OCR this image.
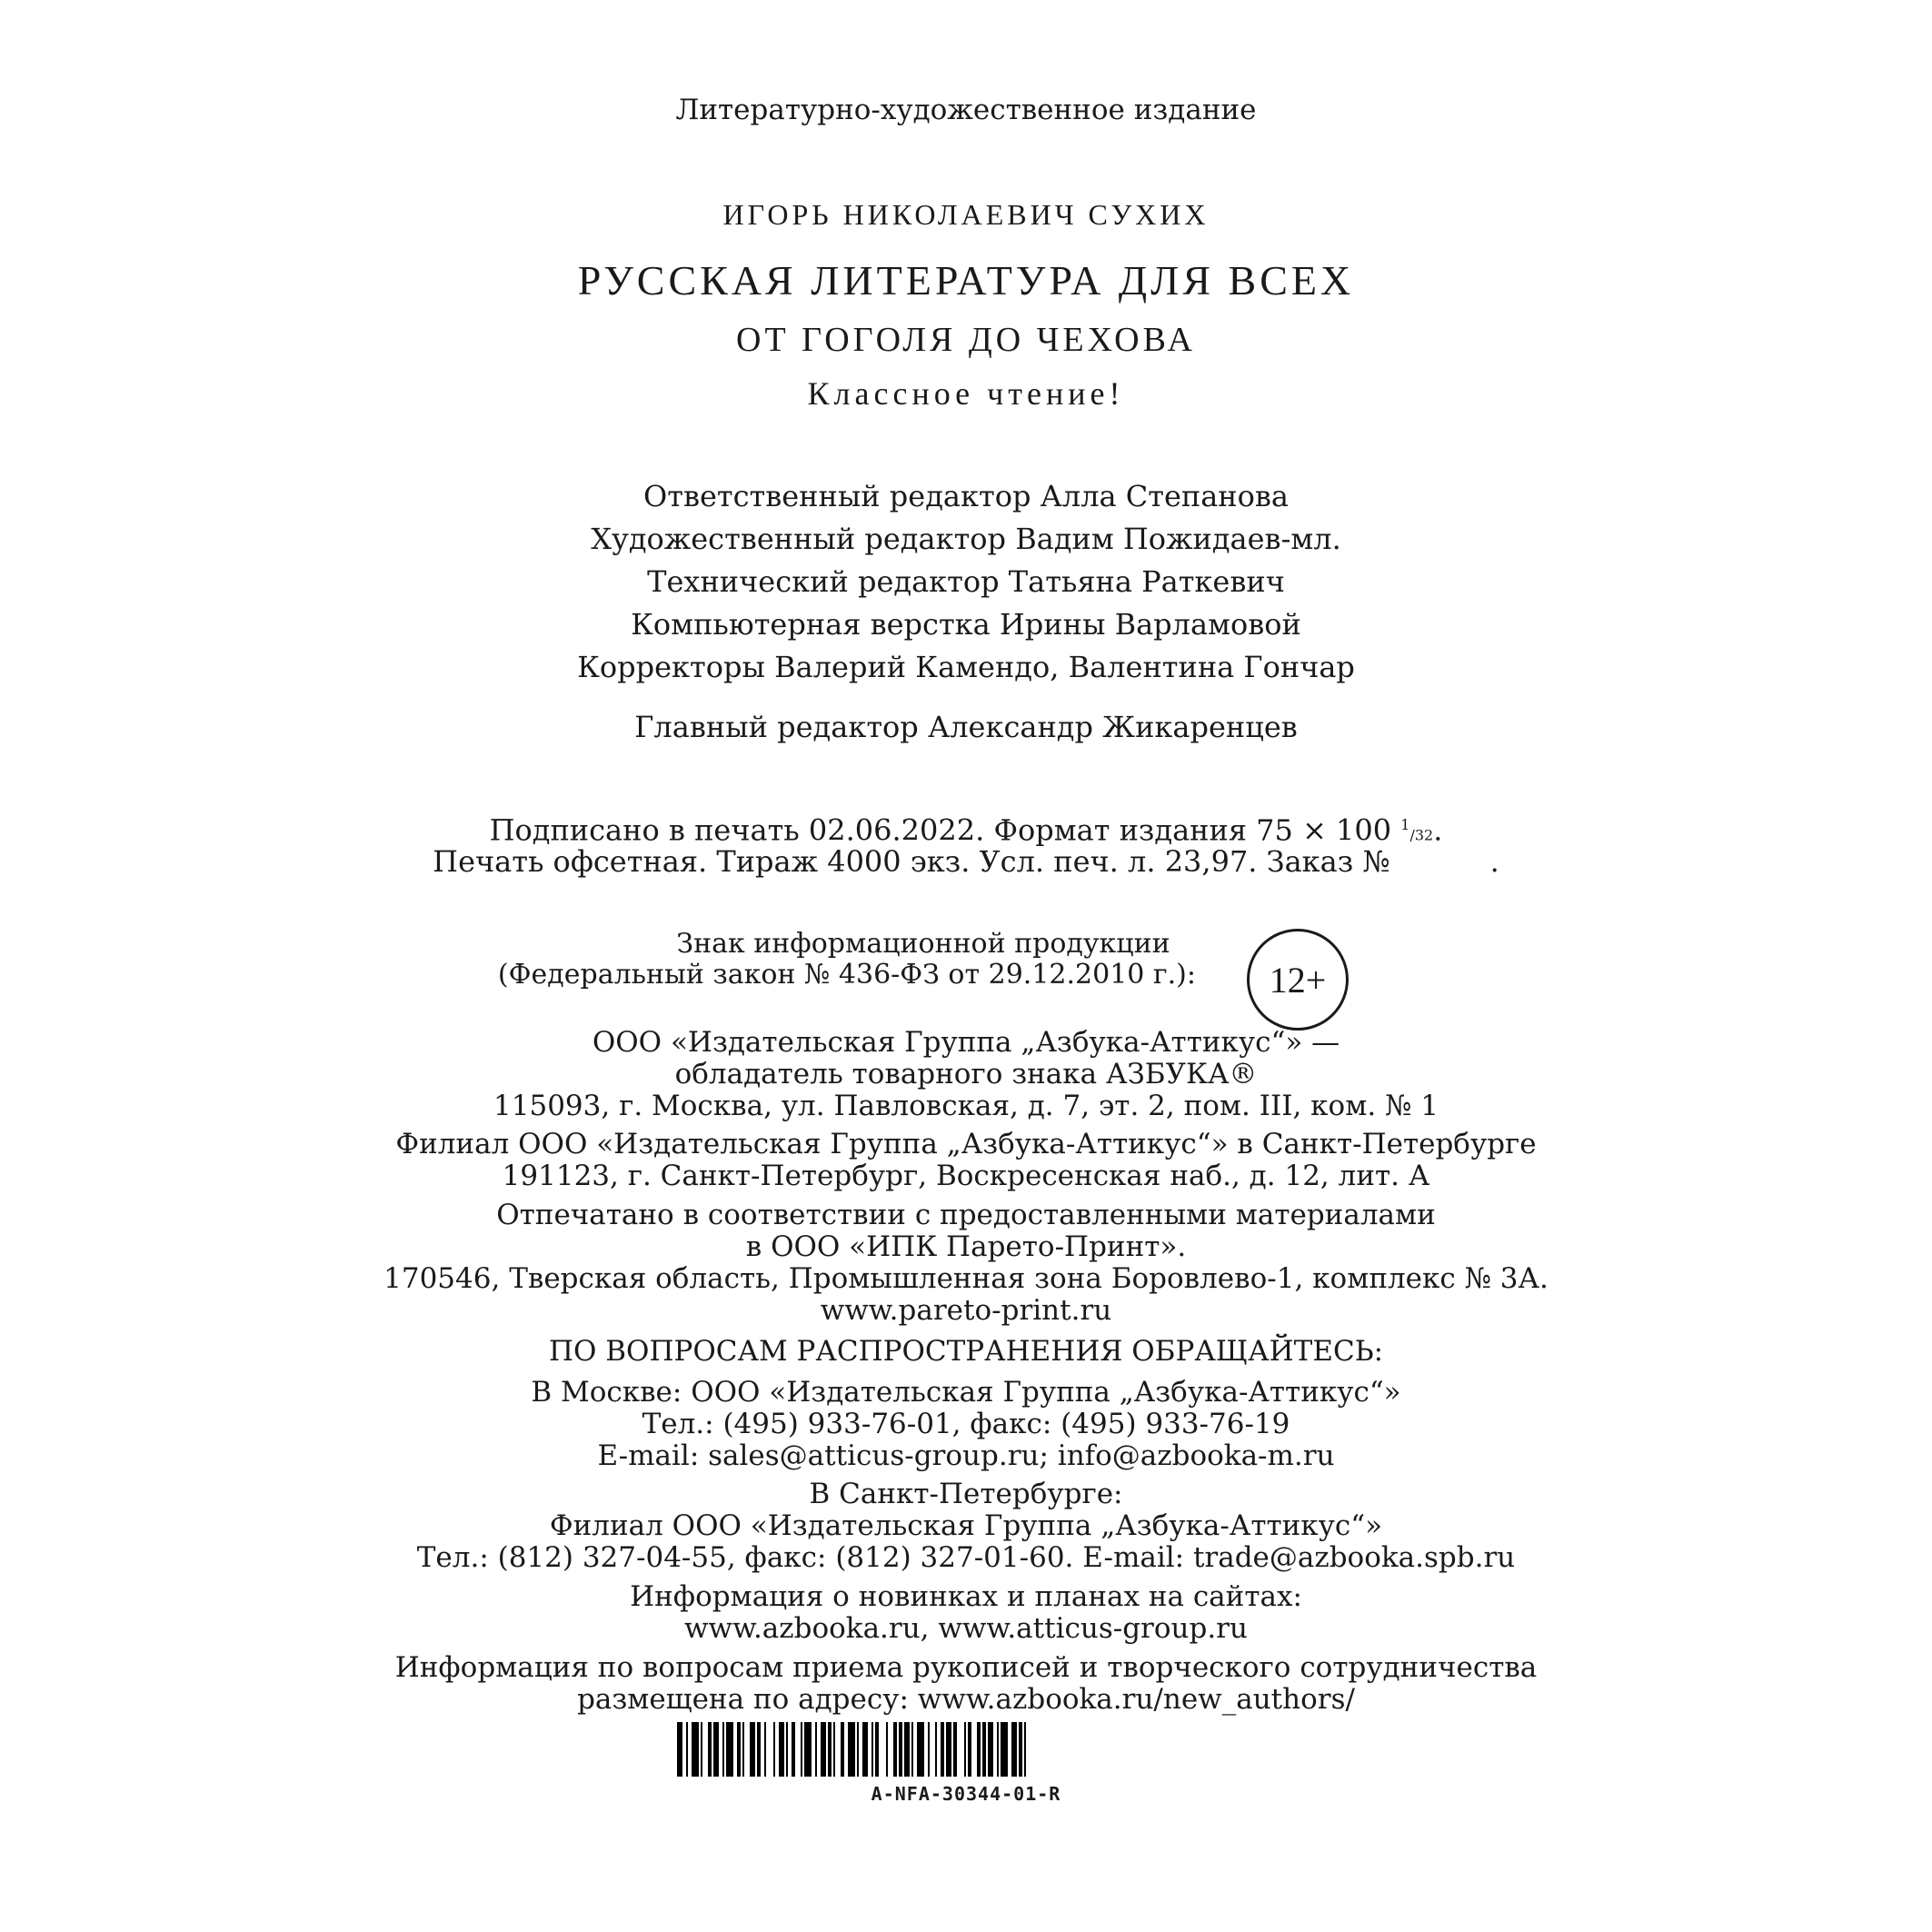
Литературно-художественное издание
ИГОРЬ НИКОЛАЕВИЧ СУХИХ
РУССКАЯ ЛИТЕРАТУРА ДЛЯ ВСЕХ
ОТ ГОГОЛЯ ДО ЧЕХОВА
Классное чтение!
Ответственный редактор Алла Степанова
Художественный редактор Вадим Пожидаев-мл.
Технический редактор Татьяна Раткевич
Компьютерная верстка Ирины Варламовой
Корректоры Валерий Каменд﻿о, Валентина Гончар
Главный редактор Александр Жикаренцев
Подписано в печать 02.06.2022. Формат издания 75 × 100 $^1$/32.
Печать офсетная. Тираж 4000 экз. Усл. печ. л. 23,97. Заказ №	.
Знак информационной продукции
(Федеральный закон № 436-ФЗ от 29.12.2010 г.):	12+
ООО «Издательская Группа „Азбука-Аттикус“» —
обладатель товарного знака АЗБУКА®
115093, г. Москва, ул. Павловская, д. 7, эт. 2, пом. III, ком. № 1
Филиал ООО «Издательская Группа „Азбука-Аттикус“» в Санкт-Петербурге
191123, г. Санкт-Петербург, Воскресенская наб., д. 12, лит. А
Отпечатано в соответствии с предоставленными материалами
в ООО «ИПК Парето-Принт».
170546, Тверская область, Промышленная зона Боровлево-1, комплекс № 3А.
www.pareto-print.ru
ПО ВОПРОСАМ РАСПРОСТРАНЕНИЯ ОБРАЩАЙТЕСЬ:
В Москве: ООО «Издательская Группа „Азбука-Аттикус“»
Тел.: (495) 933-76-01, факс: (495) 933-76-19
E-mail: sales@atticus-group.ru; info@azbooka-m.ru
В Санкт-Петербурге:
Филиал ООО «Издательская Группа „Азбука-Аттикус“»
Тел.: (812) 327-04-55, факс: (812) 327-01-60. E-mail: trade@azbooka.spb.ru
Информация о новинках и планах на сайтах:
www.azbooka.ru, www.atticus-group.ru
Информация по вопросам приема рукописей и творческого сотрудничества
размещена по адресу: www.azbooka.ru/new_authors/
A-NFA-30344-01-R
